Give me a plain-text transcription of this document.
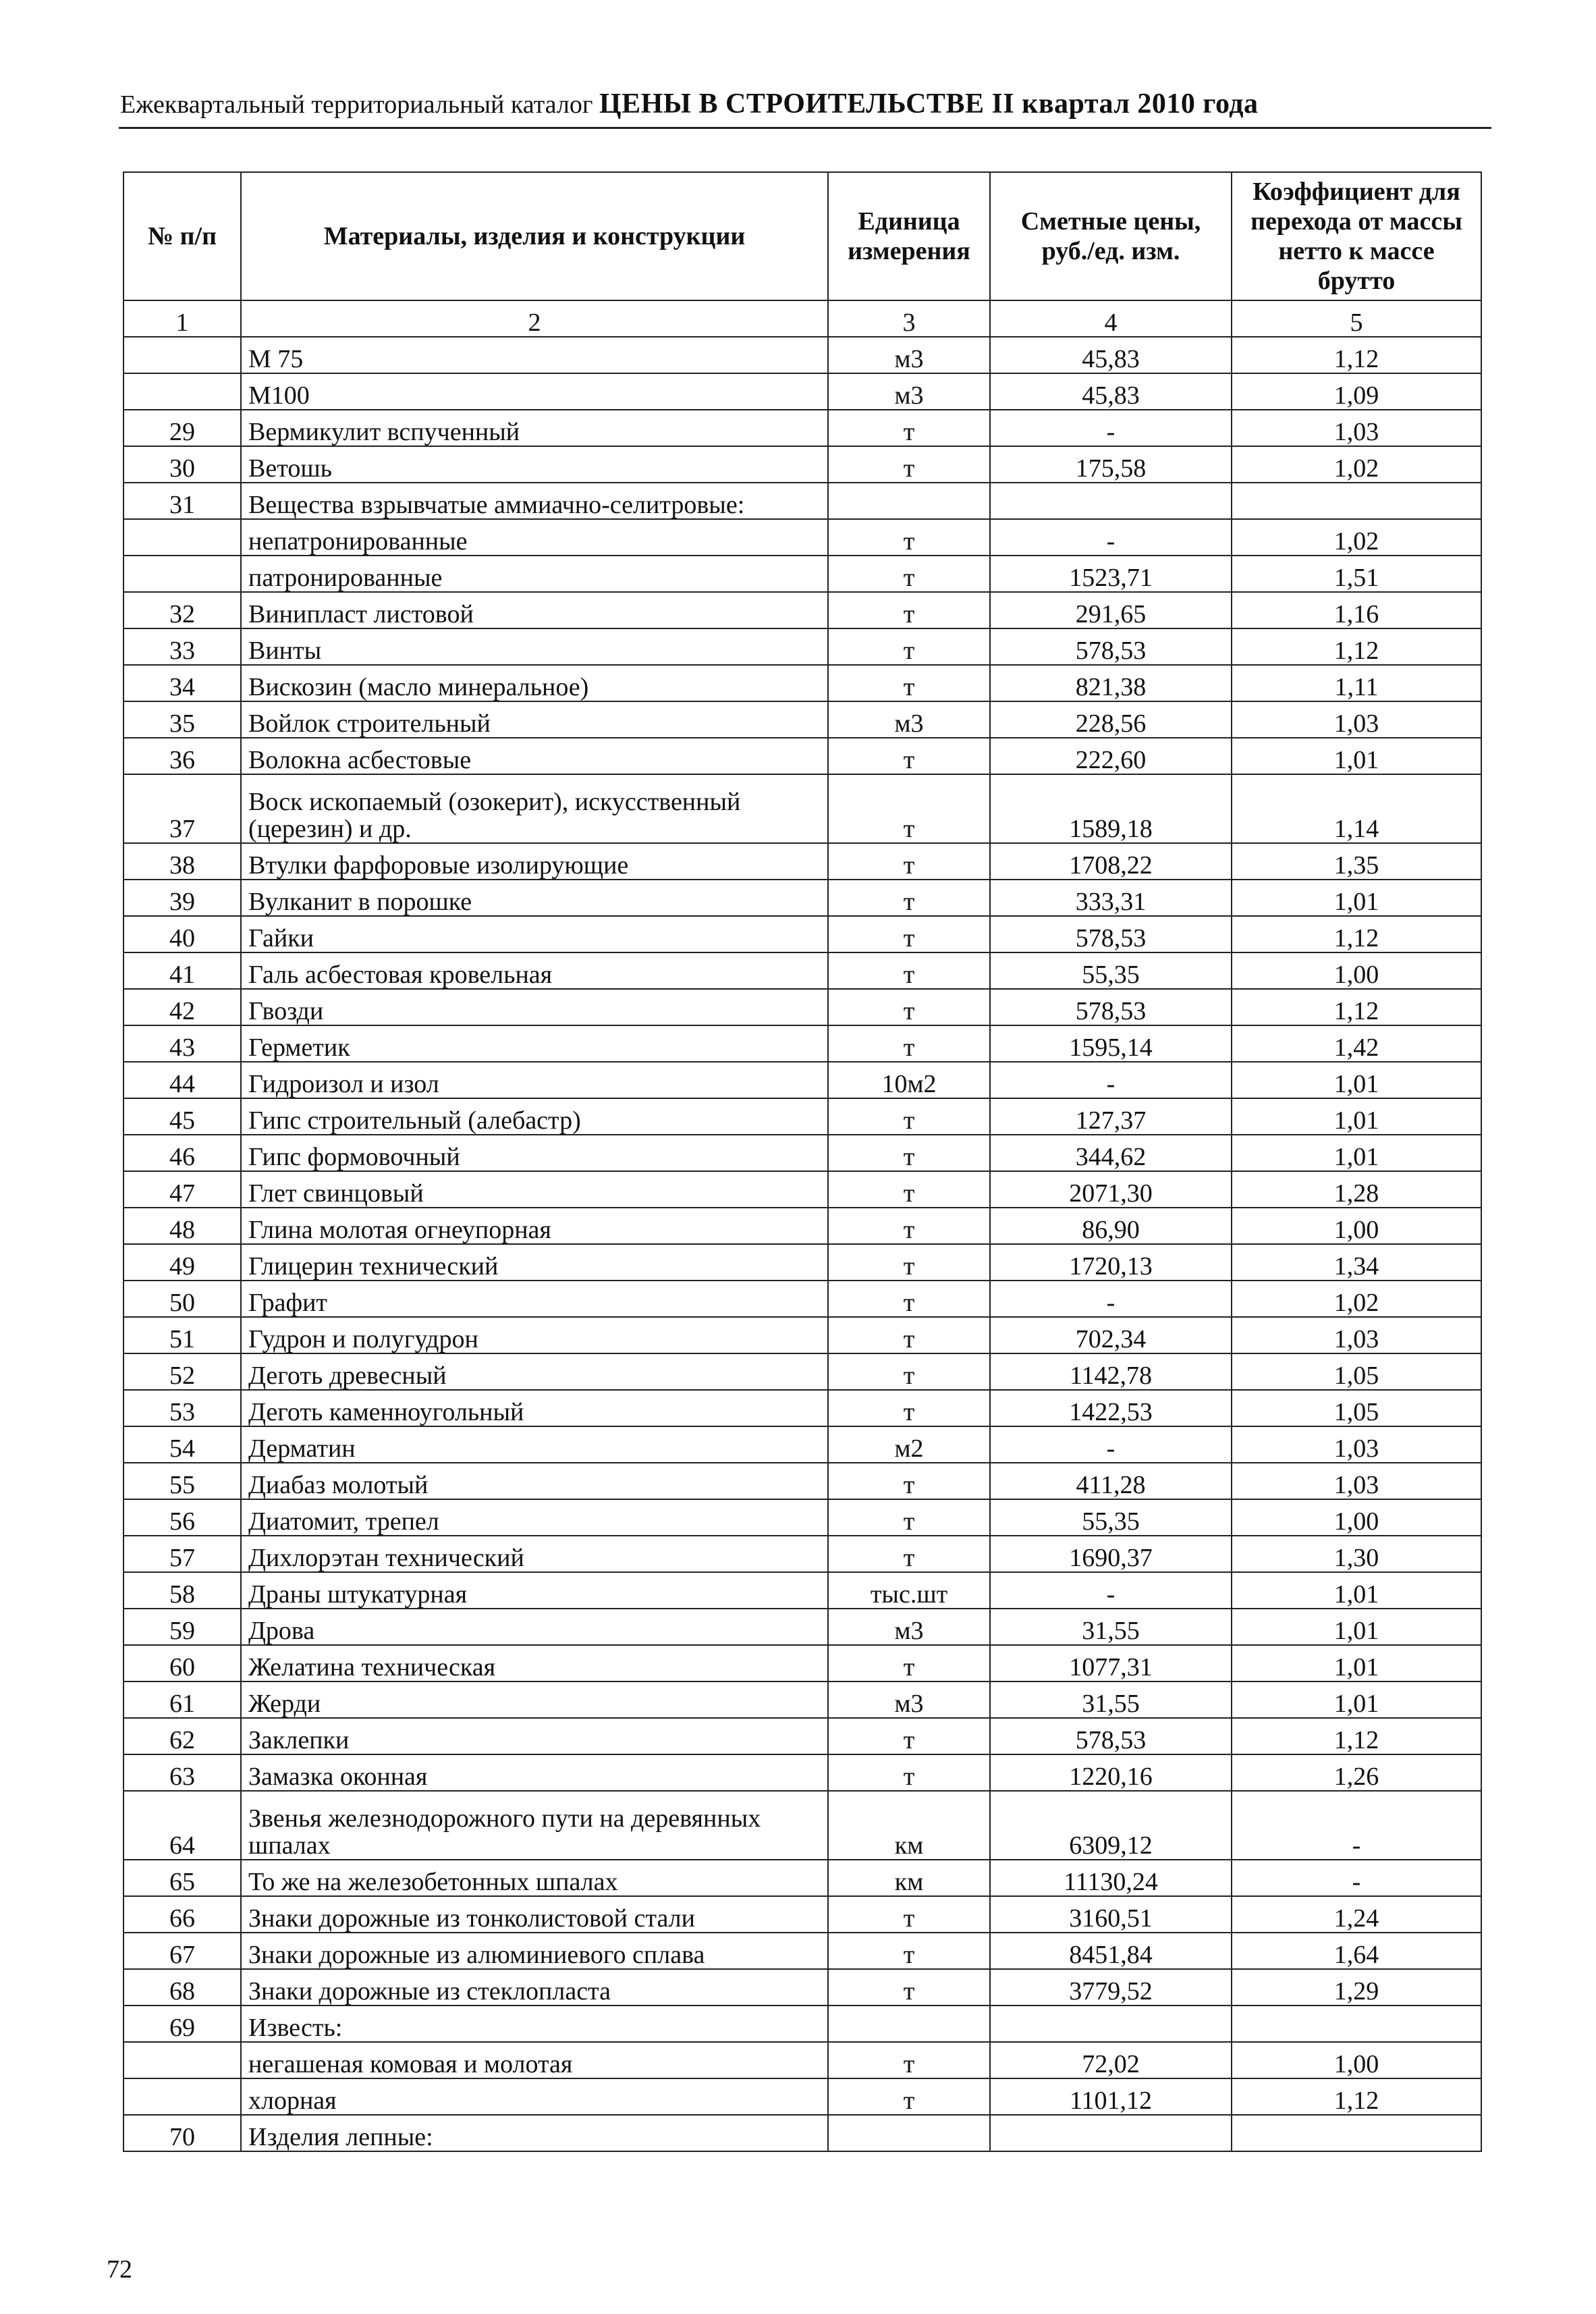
Ежеквартальный территориальный каталог ЦЕНЫ В СТРОИТЕЛЬСТВЕ II квартал 2010 года
№ п/п	Материалы, изделия и конструкции	Единица измерения	Сметные цены, руб./ед. изм.	Коэффициент для перехода от массы нетто к массе брутто
1	2	3	4	5
	М 75	м3	45,83	1,12
	М100	м3	45,83	1,09
29	Вермикулит вспученный	т	-	1,03
30	Ветошь	т	175,58	1,02
31	Вещества взрывчатые аммиачно-селитровые:			
	непатронированные	т	-	1,02
	патронированные	т	1523,71	1,51
32	Винипласт листовой	т	291,65	1,16
33	Винты	т	578,53	1,12
34	Вискозин (масло минеральное)	т	821,38	1,11
35	Войлок строительный	м3	228,56	1,03
36	Волокна асбестовые	т	222,60	1,01
37	Воск ископаемый (озокерит), искусственный (церезин) и др.	т	1589,18	1,14
38	Втулки фарфоровые изолирующие	т	1708,22	1,35
39	Вулканит в порошке	т	333,31	1,01
40	Гайки	т	578,53	1,12
41	Галь асбестовая кровельная	т	55,35	1,00
42	Гвозди	т	578,53	1,12
43	Герметик	т	1595,14	1,42
44	Гидроизол и изол	10м2	-	1,01
45	Гипс строительный (алебастр)	т	127,37	1,01
46	Гипс формовочный	т	344,62	1,01
47	Глет свинцовый	т	2071,30	1,28
48	Глина молотая огнеупорная	т	86,90	1,00
49	Глицерин технический	т	1720,13	1,34
50	Графит	т	-	1,02
51	Гудрон и полугудрон	т	702,34	1,03
52	Деготь древесный	т	1142,78	1,05
53	Деготь каменноугольный	т	1422,53	1,05
54	Дерматин	м2	-	1,03
55	Диабаз молотый	т	411,28	1,03
56	Диатомит, трепел	т	55,35	1,00
57	Дихлорэтан технический	т	1690,37	1,30
58	Драны штукатурная	тыс.шт	-	1,01
59	Дрова	м3	31,55	1,01
60	Желатина техническая	т	1077,31	1,01
61	Жерди	м3	31,55	1,01
62	Заклепки	т	578,53	1,12
63	Замазка оконная	т	1220,16	1,26
64	Звенья железнодорожного пути на деревянных шпалах	км	6309,12	-
65	То же на железобетонных шпалах	км	11130,24	-
66	Знаки дорожные из тонколистовой стали	т	3160,51	1,24
67	Знаки дорожные из алюминиевого сплава	т	8451,84	1,64
68	Знаки дорожные из стеклопласта	т	3779,52	1,29
69	Известь:			
	негашеная комовая и молотая	т	72,02	1,00
	хлорная	т	1101,12	1,12
70	Изделия лепные:			
72
